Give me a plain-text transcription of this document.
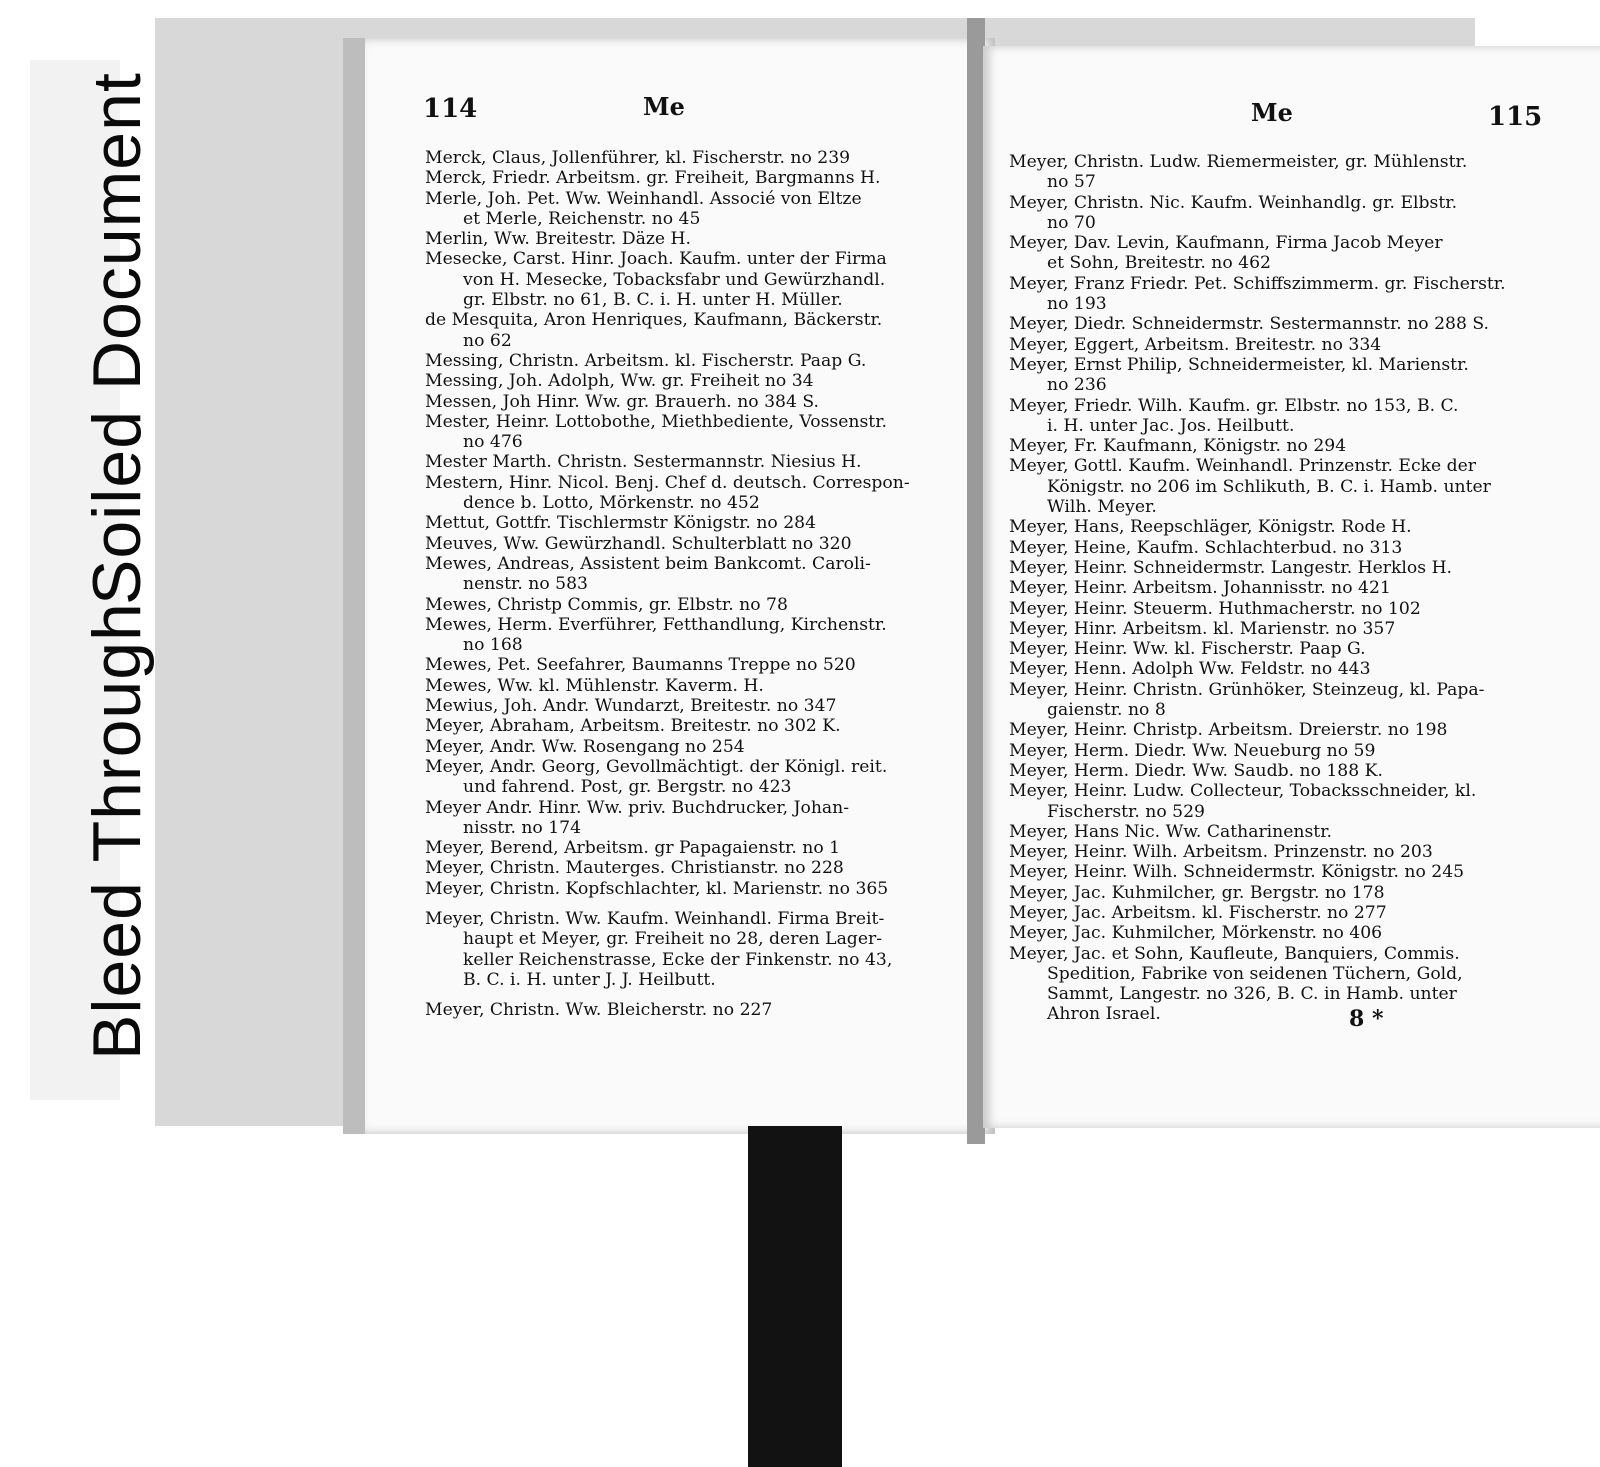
Bleed Through
Soiled Document	114	Me
Merck, Claus, Jollenführer, kl. Fischerstr. no 239
Merck, Friedr. Arbeitsm. gr. Freiheit, Bargmanns H.
Merle, Joh. Pet. Ww. Weinhandl. Associé von Eltze
et Merle, Reichenstr. no 45
Merlin, Ww. Breitestr. Däze H.
Mesecke, Carst. Hinr. Joach. Kaufm. unter der Firma
von H. Mesecke, Tobacksfabr und Gewürzhandl.
gr. Elbstr. no 61, B. C. i. H. unter H. Müller.
de Mesquita, Aron Henriques, Kaufmann, Bäckerstr.
no 62
Messing, Christn. Arbeitsm. kl. Fischerstr. Paap G.
Messing, Joh. Adolph, Ww. gr. Freiheit no 34
Messen, Joh Hinr. Ww. gr. Brauerh. no 384 S.
Mester, Heinr. Lottobothe, Miethbediente, Vossenstr.
no 476
Mester Marth. Christn. Sestermannstr. Niesius H.
Mestern, Hinr. Nicol. Benj. Chef d. deutsch. Correspon-
dence b. Lotto, Mörkenstr. no 452
Mettut, Gottfr. Tischlermstr Königstr. no 284
Meuves, Ww. Gewürzhandl. Schulterblatt no 320
Mewes, Andreas, Assistent beim Bankcomt. Caroli-
nenstr. no 583
Mewes, Christp Commis, gr. Elbstr. no 78
Mewes, Herm. Everführer, Fetthandlung, Kirchenstr.
no 168
Mewes, Pet. Seefahrer, Baumanns Treppe no 520
Mewes, Ww. kl. Mühlenstr. Kaverm. H.
Mewius, Joh. Andr. Wundarzt, Breitestr. no 347
Meyer, Abraham, Arbeitsm. Breitestr. no 302 K.
Meyer, Andr. Ww. Rosengang no 254
Meyer, Andr. Georg, Gevollmächtigt. der Königl. reit.
und fahrend. Post, gr. Bergstr. no 423
Meyer Andr. Hinr. Ww. priv. Buchdrucker, Johan-
nisstr. no 174
Meyer, Berend, Arbeitsm. gr Papagaienstr. no 1
Meyer, Christn. Mauterges. Christianstr. no 228
Meyer, Christn. Kopfschlachter, kl. Marienstr. no 365
Meyer, Christn. Ww. Kaufm. Weinhandl. Firma Breit-
haupt et Meyer, gr. Freiheit no 28, deren Lager-
keller Reichenstrasse, Ecke der Finkenstr. no 43,
B. C. i. H. unter J. J. Heilbutt.
Meyer, Christn. Ww. Bleicherstr. no 227
Me	115
Meyer, Christn. Ludw. Riemermeister, gr. Mühlenstr.
no 57
Meyer, Christn. Nic. Kaufm. Weinhandlg. gr. Elbstr.
no 70
Meyer, Dav. Levin, Kaufmann, Firma Jacob Meyer
et Sohn, Breitestr. no 462
Meyer, Franz Friedr. Pet. Schiffszimmerm. gr. Fischerstr.
no 193
Meyer, Diedr. Schneidermstr. Sestermannstr. no 288 S.
Meyer, Eggert, Arbeitsm. Breitestr. no 334
Meyer, Ernst Philip, Schneidermeister, kl. Marienstr.
no 236
Meyer, Friedr. Wilh. Kaufm. gr. Elbstr. no 153, B. C.
i. H. unter Jac. Jos. Heilbutt.
Meyer, Fr. Kaufmann, Königstr. no 294
Meyer, Gottl. Kaufm. Weinhandl. Prinzenstr. Ecke der
Königstr. no 206 im Schlikuth, B. C. i. Hamb. unter
Wilh. Meyer.
Meyer, Hans, Reepschläger, Königstr. Rode H.
Meyer, Heine, Kaufm. Schlachterbud. no 313
Meyer, Heinr. Schneidermstr. Langestr. Herklos H.
Meyer, Heinr. Arbeitsm. Johannisstr. no 421
Meyer, Heinr. Steuerm. Huthmacherstr. no 102
Meyer, Hinr. Arbeitsm. kl. Marienstr. no 357
Meyer, Heinr. Ww. kl. Fischerstr. Paap G.
Meyer, Henn. Adolph Ww. Feldstr. no 443
Meyer, Heinr. Christn. Grünhöker, Steinzeug, kl. Papa-
gaienstr. no 8
Meyer, Heinr. Christp. Arbeitsm. Dreierstr. no 198
Meyer, Herm. Diedr. Ww. Neueburg no 59
Meyer, Herm. Diedr. Ww. Saudb. no 188 K.
Meyer, Heinr. Ludw. Collecteur, Tobacksschneider, kl.
Fischerstr. no 529
Meyer, Hans Nic. Ww. Catharinenstr.
Meyer, Heinr. Wilh. Arbeitsm. Prinzenstr. no 203
Meyer, Heinr. Wilh. Schneidermstr. Königstr. no 245
Meyer, Jac. Kuhmilcher, gr. Bergstr. no 178
Meyer, Jac. Arbeitsm. kl. Fischerstr. no 277
Meyer, Jac. Kuhmilcher, Mörkenstr. no 406
Meyer, Jac. et Sohn, Kaufleute, Banquiers, Commis.
Spedition, Fabrike von seidenen Tüchern, Gold,
Sammt, Langestr. no 326, B. C. in Hamb. unter
Ahron Israel.	8 *
